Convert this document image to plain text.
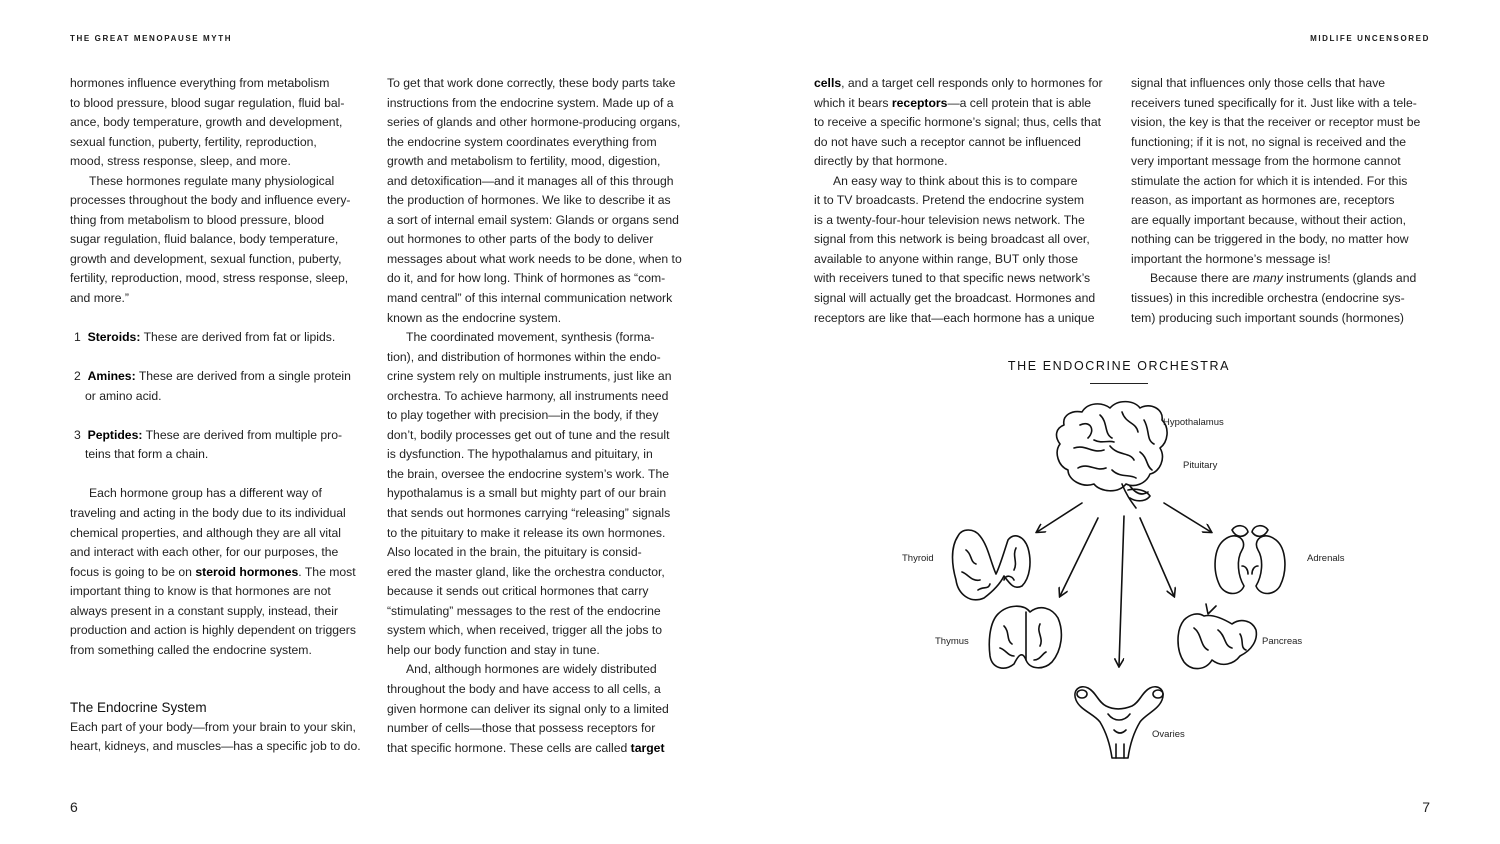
THE GREAT MENOPAUSE MYTH	MIDLIFE UNCENSORED

hormones influence everything from metabolism

to blood pressure, blood sugar regulation, fluid bal-

ance, body temperature, growth and development,

sexual function, puberty, fertility, reproduction,

mood, stress response, sleep, and more.

These hormones regulate many physiological

processes throughout the body and influence every-

thing from metabolism to blood pressure, blood

sugar regulation, fluid balance, body temperature,

growth and development, sexual function, puberty,

fertility, reproduction, mood, stress response, sleep,

and more.”

1 Steroids: These are derived from fat or lipids.

2 Amines: These are derived from a single protein

or amino acid.

3 Peptides: These are derived from multiple pro-

teins that form a chain.

Each hormone group has a different way of

traveling and acting in the body due to its individual

chemical properties, and although they are all vital

and interact with each other, for our purposes, the

focus is going to be on steroid hormones. The most

important thing to know is that hormones are not

always present in a constant supply, instead, their

production and action is highly dependent on triggers

from something called the endocrine system.

The Endocrine System

Each part of your body—from your brain to your skin,

heart, kidneys, and muscles—has a specific job to do.

To get that work done correctly, these body parts take

instructions from the endocrine system. Made up of a

series of glands and other hormone-producing organs,

the endocrine system coordinates everything from

growth and metabolism to fertility, mood, digestion,

and detoxification—and it manages all of this through

the production of hormones. We like to describe it as

a sort of internal email system: Glands or organs send

out hormones to other parts of the body to deliver

messages about what work needs to be done, when to

do it, and for how long. Think of hormones as “com-

mand central” of this internal communication network

known as the endocrine system.

The coordinated movement, synthesis (forma-

tion), and distribution of hormones within the endo-

crine system rely on multiple instruments, just like an

orchestra. To achieve harmony, all instruments need

to play together with precision—in the body, if they

don’t, bodily processes get out of tune and the result

is dysfunction. The hypothalamus and pituitary, in

the brain, oversee the endocrine system’s work. The

hypothalamus is a small but mighty part of our brain

that sends out hormones carrying “releasing” signals

to the pituitary to make it release its own hormones.

Also located in the brain, the pituitary is consid-

ered the master gland, like the orchestra conductor,

because it sends out critical hormones that carry

“stimulating” messages to the rest of the endocrine

system which, when received, trigger all the jobs to

help our body function and stay in tune.

And, although hormones are widely distributed

throughout the body and have access to all cells, a

given hormone can deliver its signal only to a limited

number of cells—those that possess receptors for

that specific hormone. These cells are called target

cells, and a target cell responds only to hormones for

which it bears receptors—a cell protein that is able

to receive a specific hormone’s signal; thus, cells that

do not have such a receptor cannot be influenced

directly by that hormone.

An easy way to think about this is to compare

it to TV broadcasts. Pretend the endocrine system

is a twenty-four-hour television news network. The

signal from this network is being broadcast all over,

available to anyone within range, BUT only those

with receivers tuned to that specific news network’s

signal will actually get the broadcast. Hormones and

receptors are like that—each hormone has a unique

signal that influences only those cells that have

receivers tuned specifically for it. Just like with a tele-

vision, the key is that the receiver or receptor must be

functioning; if it is not, no signal is received and the

very important message from the hormone cannot

stimulate the action for which it is intended. For this

reason, as important as hormones are, receptors

are equally important because, without their action,

nothing can be triggered in the body, no matter how

important the hormone’s message is!

Because there are many instruments (glands and

tissues) in this incredible orchestra (endocrine sys-

tem) producing such important sounds (hormones)

THE ENDOCRINE ORCHESTRA
Hypothalamus
Pituitary
Thyroid	Adrenals
Thymus	Pancreas
Ovaries
6	7
